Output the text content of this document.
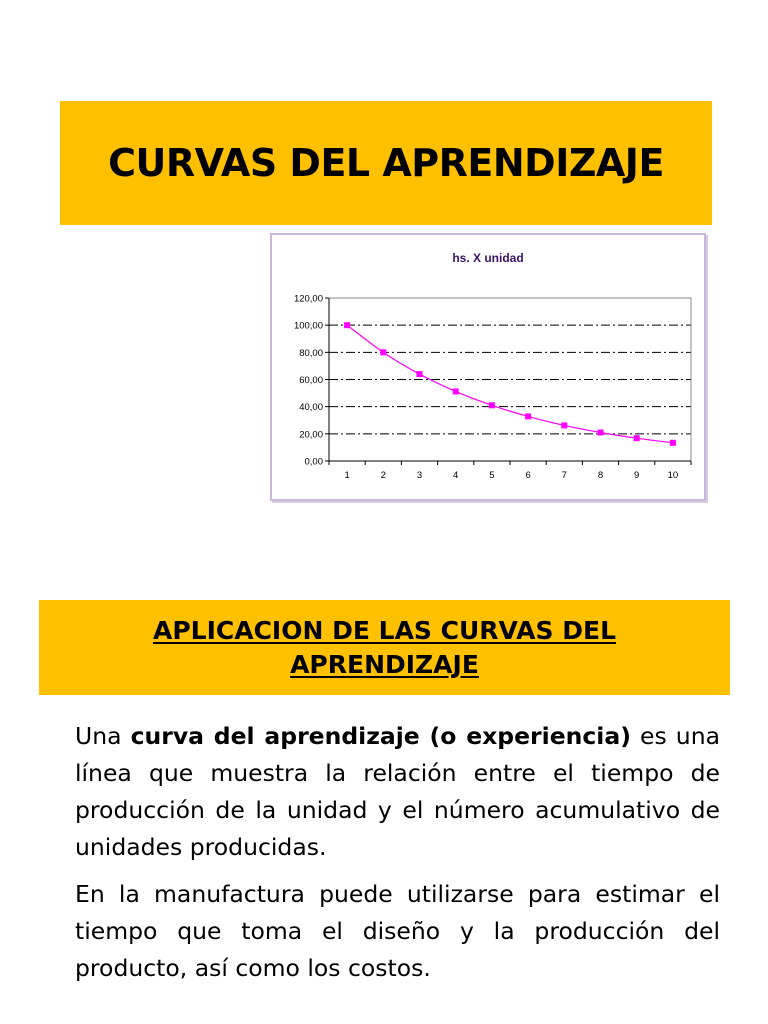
CURVAS DEL APRENDIZAJE
hs. X unidad
0,00
20,00
40,00
60,00
80,00
100,00
120,00
1	2	3	4	5	6	7	8	9	10
APLICACION DE LAS CURVAS DEL APRENDIZAJE

Una curva del aprendizaje (o experiencia) es una línea que muestra la relación entre el tiempo de producción de la unidad y el número acumulativo de unidades producidas.

En la manufactura puede utilizarse para estimar el tiempo que toma el diseño y la producción del producto, así como los costos.
